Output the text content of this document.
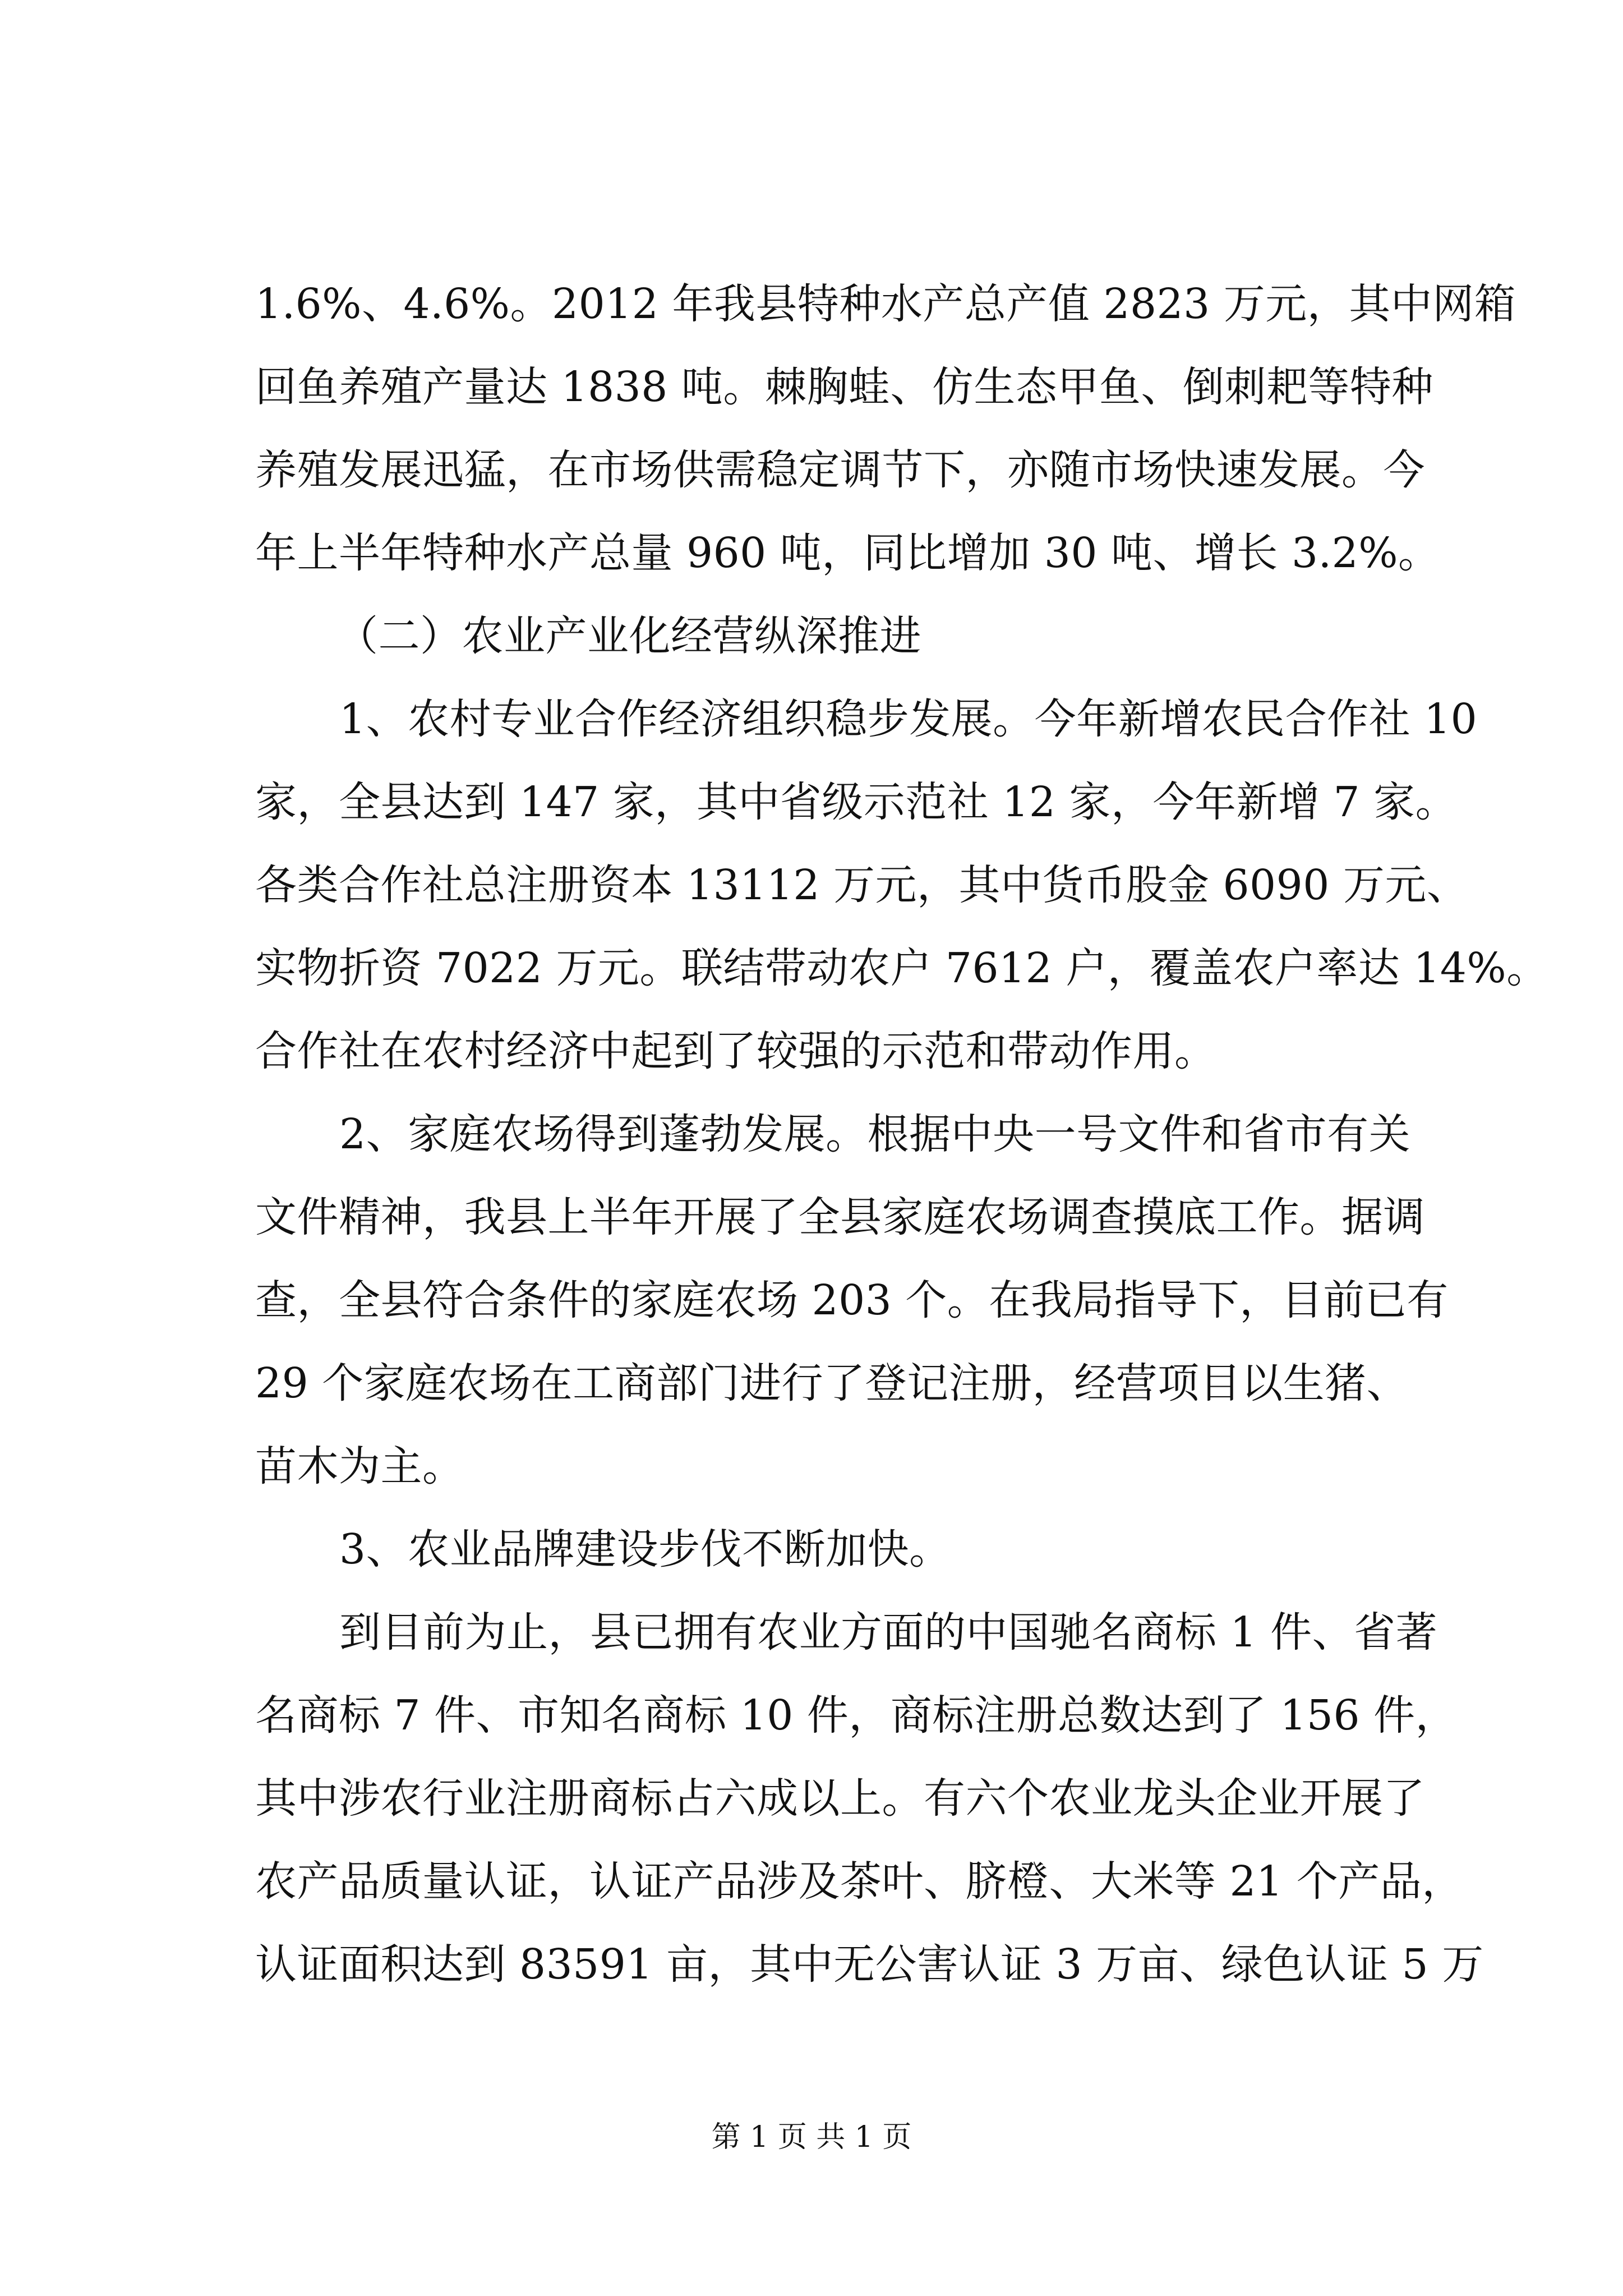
1.6%、4.6%。2012 年我县特种水产总产值 2823 万元，其中网箱
回鱼养殖产量达 1838 吨。棘胸蛙、仿生态甲鱼、倒刺耙等特种
养殖发展迅猛，在市场供需稳定调节下，亦随市场快速发展。今
年上半年特种水产总量 960 吨，同比增加 30 吨、增长 3.2%。
（二）农业产业化经营纵深推进
1、农村专业合作经济组织稳步发展。今年新增农民合作社 10
家，全县达到 147 家，其中省级示范社 12 家，今年新增 7 家。
各类合作社总注册资本 13112 万元，其中货币股金 6090 万元、
实物折资 7022 万元。联结带动农户 7612 户，覆盖农户率达 14%。
合作社在农村经济中起到了较强的示范和带动作用。
2、家庭农场得到蓬勃发展。根据中央一号文件和省市有关
文件精神，我县上半年开展了全县家庭农场调查摸底工作。据调
查，全县符合条件的家庭农场 203 个。在我局指导下，目前已有
29 个家庭农场在工商部门进行了登记注册，经营项目以生猪、
苗木为主。
3、农业品牌建设步伐不断加快。
到目前为止，县已拥有农业方面的中国驰名商标 1 件、省著
名商标 7 件、市知名商标 10 件，商标注册总数达到了 156 件，
其中涉农行业注册商标占六成以上。有六个农业龙头企业开展了
农产品质量认证，认证产品涉及茶叶、脐橙、大米等 21 个产品，
认证面积达到 83591 亩，其中无公害认证 3 万亩、绿色认证 5 万
第 1 页 共 1 页
